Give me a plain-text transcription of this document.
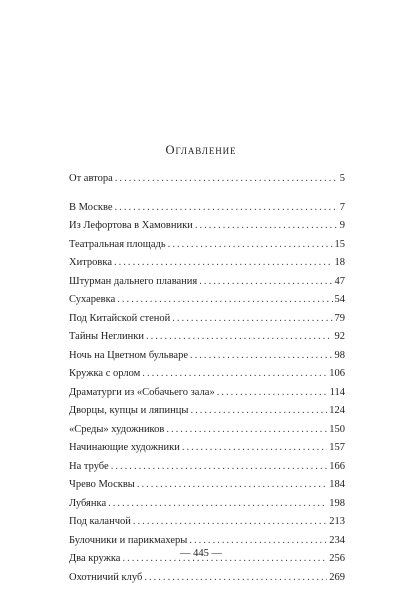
Оглавление
От автора . . .	5
В Москве . . .	7
Из Лефортова в Хамовники . . .	9
Театральная площадь . . .	15
Хитровка . . .	18
Штурман дальнего плавания . . .	47
Сухаревка . . .	54
Под Китайской стеной . . .	79
Тайны Неглинки . . .	92
Ночь на Цветном бульваре . . .	98
Кружка с орлом . . .	106
Драматурги из «Собачьего зала» . . .	114
Дворцы, купцы и ляпинцы . . .	124
«Среды» художников . . .	150
Начинающие художники . . .	157
На трубе . . .	166
Чрево Москвы . . .	184
Лубянка . . .	198
Под каланчой . . .	213
Булочники и парикмахеры . . .	234
Два кружка . . .	256
Охотничий клуб . . .	269
— 445 —
